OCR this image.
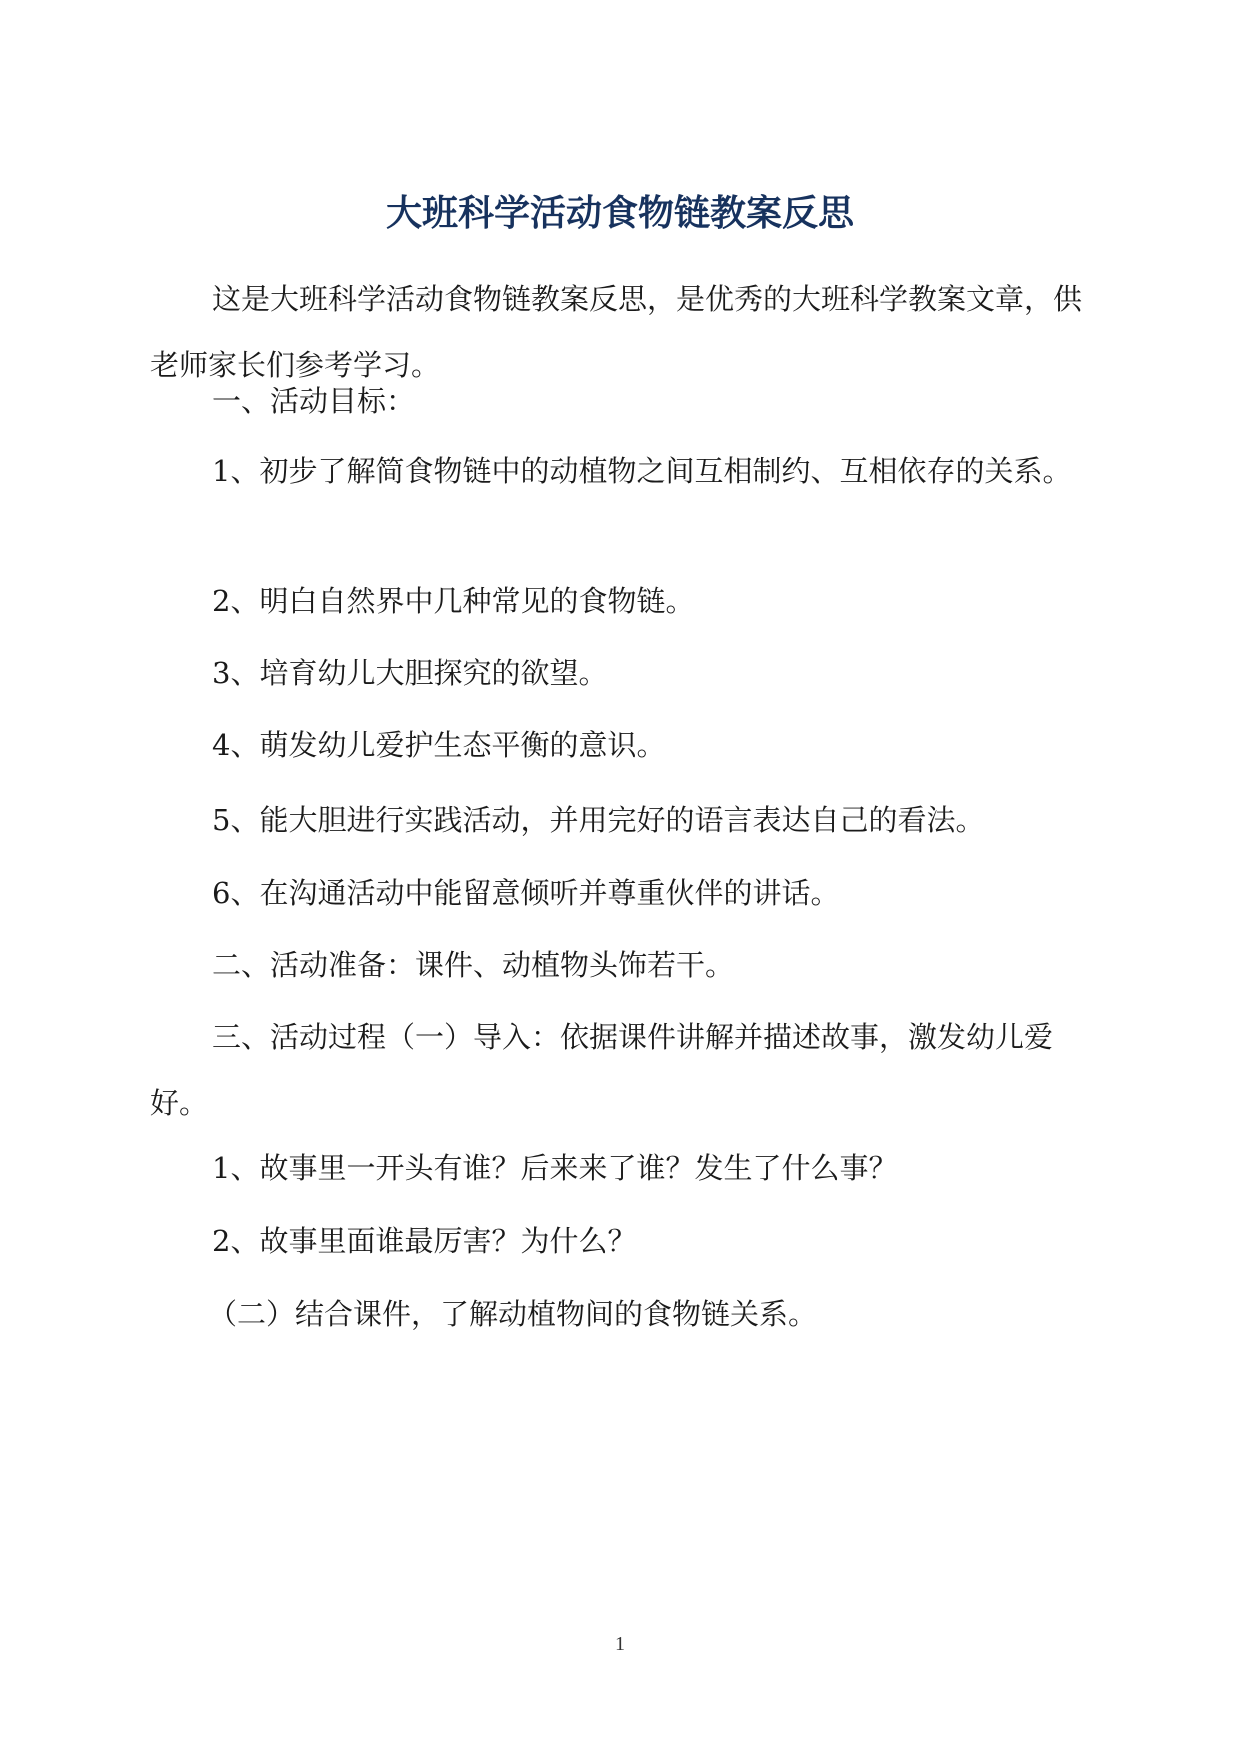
大班科学活动食物链教案反思

这是大班科学活动食物链教案反思，是优秀的大班科学教案文章，供老师家长们参考学习。

一、活动目标：

1、初步了解简食物链中的动植物之间互相制约、互相依存的关系。

2、明白自然界中几种常见的食物链。

3、培育幼儿大胆探究的欲望。

4、萌发幼儿爱护生态平衡的意识。

5、能大胆进行实践活动，并用完好的语言表达自己的看法。

6、在沟通活动中能留意倾听并尊重伙伴的讲话。

二、活动准备：课件、动植物头饰若干。

三、活动过程（一）导入：依据课件讲解并描述故事，激发幼儿爱好。

1、故事里一开头有谁？后来来了谁？发生了什么事？

2、故事里面谁最厉害？为什么？

（二）结合课件，了解动植物间的食物链关系。

1
